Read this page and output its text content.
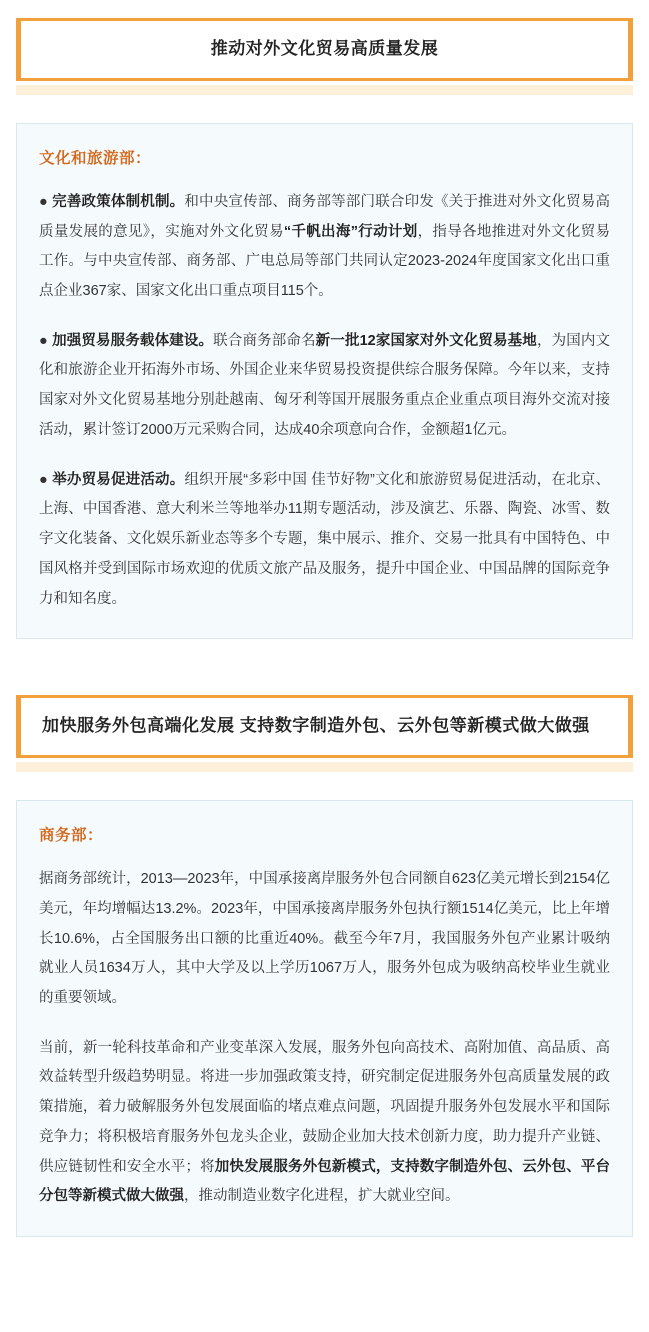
推动对外文化贸易高质量发展
文化和旅游部：

● 完善政策体制机制。和中央宣传部、商务部等部门联合印发《关于推进对外文化贸易高质量发展的意见》，实施对外文化贸易“千帆出海”行动计划，指导各地推进对外文化贸易工作。与中央宣传部、商务部、广电总局等部门共同认定2023-2024年度国家文化出口重点企业367家、国家文化出口重点项目115个。

● 加强贸易服务载体建设。联合商务部命名新一批12家国家对外文化贸易基地，为国内文化和旅游企业开拓海外市场、外国企业来华贸易投资提供综合服务保障。今年以来，支持国家对外文化贸易基地分别赴越南、匈牙利等国开展服务重点企业重点项目海外交流对接活动，累计签订2000万元采购合同，达成40余项意向合作，金额超1亿元。

● 举办贸易促进活动。组织开展“多彩中国 佳节好物”文化和旅游贸易促进活动，在北京、上海、中国香港、意大利米兰等地举办11期专题活动，涉及演艺、乐器、陶瓷、冰雪、数字文化装备、文化娱乐新业态等多个专题，集中展示、推介、交易一批具有中国特色、中国风格并受到国际市场欢迎的优质文旅产品及服务，提升中国企业、中国品牌的国际竞争力和知名度。

加快服务外包高端化发展 支持数字制造外包、云外包等新模式做大做强
商务部：

据商务部统计，2013—2023年，中国承接离岸服务外包合同额自623亿美元增长到2154亿美元，年均增幅达13.2%。2023年，中国承接离岸服务外包执行额1514亿美元，比上年增长10.6%，占全国服务出口额的比重近40%。截至今年7月，我国服务外包产业累计吸纳就业人员1634万人，其中大学及以上学历1067万人，服务外包成为吸纳高校毕业生就业的重要领域。

当前，新一轮科技革命和产业变革深入发展，服务外包向高技术、高附加值、高品质、高效益转型升级趋势明显。将进一步加强政策支持，研究制定促进服务外包高质量发展的政策措施，着力破解服务外包发展面临的堵点难点问题，巩固提升服务外包发展水平和国际竞争力；将积极培育服务外包龙头企业，鼓励企业加大技术创新力度，助力提升产业链、供应链韧性和安全水平；将加快发展服务外包新模式，支持数字制造外包、云外包、平台分包等新模式做大做强，推动制造业数字化进程，扩大就业空间。
